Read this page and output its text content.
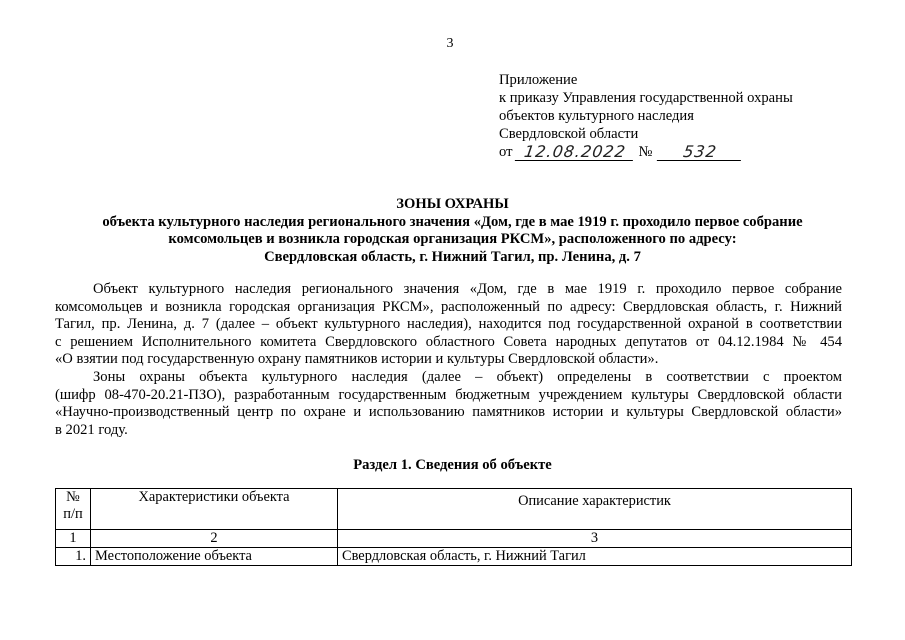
3
Приложение
к приказу Управления государственной охраны
объектов культурного наследия
Свердловской области
от 12.08.2022 №	532
ЗОНЫ ОХРАНЫ
объекта культурного наследия регионального значения «Дом, где в мае 1919 г. проходило первое собрание
комсомольцев и возникла городская организация РКСМ», расположенного по адресу:
Свердловская область, г. Нижний Тагил, пр. Ленина, д. 7
Объект культурного наследия регионального значения «Дом, где в мае 1919 г. проходило первое собрание
комсомольцев и возникла городская организация РКСМ», расположенный по адресу: Свердловская область, г. Нижний
Тагил, пр. Ленина, д. 7 (далее – объект культурного наследия), находится под государственной охраной в соответствии
с решением Исполнительного комитета Свердловского областного Совета народных депутатов от 04.12.1984 № 454
«О взятии под государственную охрану памятников истории и культуры Свердловской области».
Зоны охраны объекта культурного наследия (далее – объект) определены в соответствии с проектом
(шифр 08-470-20.21-ПЗО), разработанным государственным бюджетным учреждением культуры Свердловской области
«Научно-производственный центр по охране и использованию памятников истории и культуры Свердловской области»
в 2021 году.
Раздел 1. Сведения об объекте
№
п/п	Характеристики объекта	Описание характеристик
1	2	3
1.	Местоположение объекта	Свердловская область, г. Нижний Тагил
